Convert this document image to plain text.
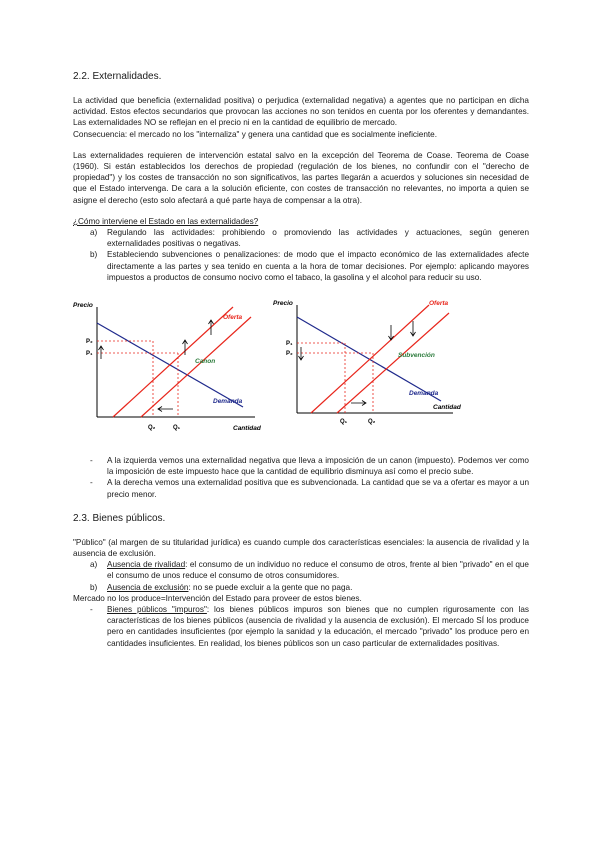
2.2. Externalidades.

La actividad que beneficia (externalidad positiva) o perjudica (externalidad negativa) a agentes que no participan en dicha actividad. Estos efectos secundarios que provocan las acciones no son tenidos en cuenta por los oferentes y demandantes. Las externalidades NO se reflejan en el precio ni en la cantidad de equilibrio de mercado.

Consecuencia: el mercado no los "internaliza" y genera una cantidad que es socialmente ineficiente.

Las externalidades requieren de intervención estatal salvo en la excepción del Teorema de Coase. Teorema de Coase (1960). Si están establecidos los derechos de propiedad (regulación de los bienes, no confundir con el "derecho de propiedad") y los costes de transacción no son significativos, las partes llegarán a acuerdos y soluciones sin necesidad de que el Estado intervenga. De cara a la solución eficiente, con costes de transacción no relevantes, no importa a quien se asigne el derecho (esto solo afectará a qué parte haya de compensar a la otra).

¿Cómo interviene el Estado en las externalidades?

a) Regulando las actividades: prohibiendo o promoviendo las actividades y actuaciones, según generen externalidades positivas o negativas.
b) Estableciendo subvenciones o penalizaciones: de modo que el impacto económico de las externalidades afecte directamente a las partes y sea tenido en cuenta a la hora de tomar decisiones. Por ejemplo: aplicando mayores impuestos a productos de consumo nocivo como el tabaco, la gasolina y el alcohol para reducir su uso.
Precio
Cantidad
Oferta
Demanda
Canon
P₂
P₁
Q₂	Q₁
Precio
Cantidad
Oferta
Demanda
Subvención
P₁
P₂
Q₁	Q₂
- A la izquierda vemos una externalidad negativa que lleva a imposición de un canon (impuesto). Podemos ver como la imposición de este impuesto hace que la cantidad de equilibrio disminuya así como el precio sube.
- A la derecha vemos una externalidad positiva que es subvencionada. La cantidad que se va a ofertar es mayor a un precio menor.
2.3. Bienes públicos.

"Público" (al margen de su titularidad jurídica) es cuando cumple dos características esenciales: la ausencia de rivalidad y la ausencia de exclusión.

a) Ausencia de rivalidad: el consumo de un individuo no reduce el consumo de otros, frente al bien "privado" en el que el consumo de unos reduce el consumo de otros consumidores.
b) Ausencia de exclusión: no se puede excluir a la gente que no paga.

Mercado no los produce=Intervención del Estado para proveer de estos bienes.

- Bienes públicos "impuros": los bienes públicos impuros son bienes que no cumplen rigurosamente con las características de los bienes públicos (ausencia de rivalidad y la ausencia de exclusión). El mercado SÍ los produce pero en cantidades insuficientes (por ejemplo la sanidad y la educación, el mercado "privado" los produce pero en cantidades insuficientes. En realidad, los bienes públicos son un caso particular de externalidades positivas.
